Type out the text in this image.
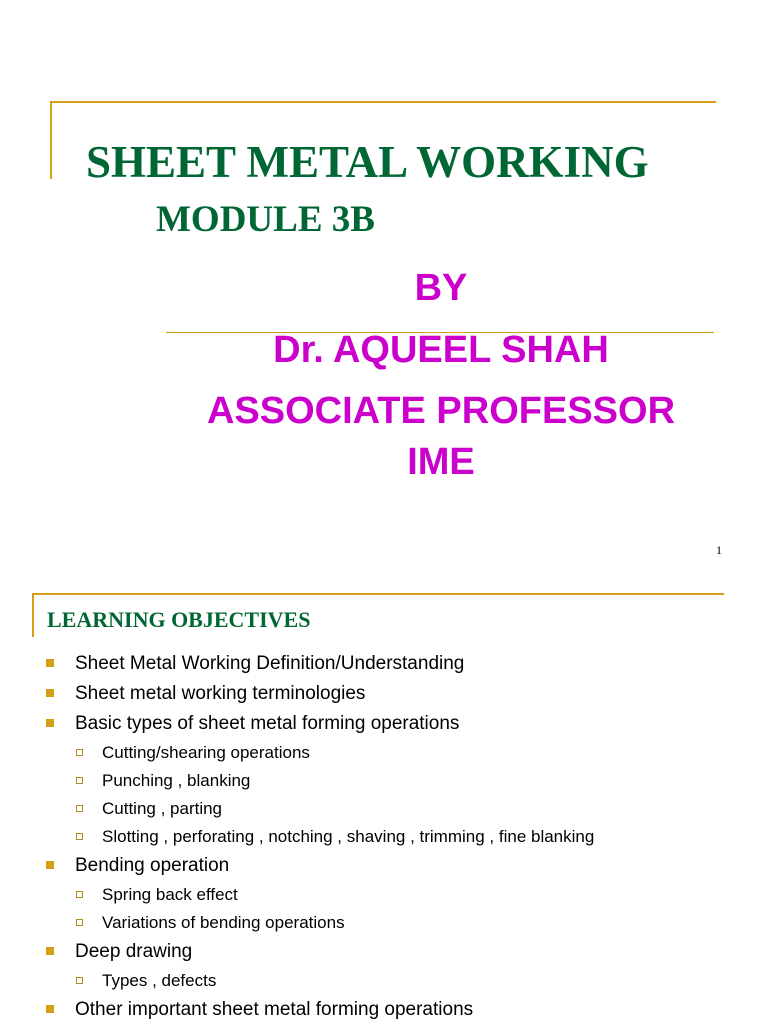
SHEET METAL WORKING
MODULE 3B
BY
Dr. AQUEEL SHAH
ASSOCIATE PROFESSOR
IME
1
LEARNING OBJECTIVES
Sheet Metal Working Definition/Understanding
Sheet metal working terminologies
Basic types of sheet metal forming operations
Cutting/shearing operations
Punching , blanking
Cutting , parting
Slotting , perforating , notching , shaving , trimming , fine blanking
Bending operation
Spring back effect
Variations of bending operations
Deep drawing
Types , defects
Other important sheet metal forming operations
